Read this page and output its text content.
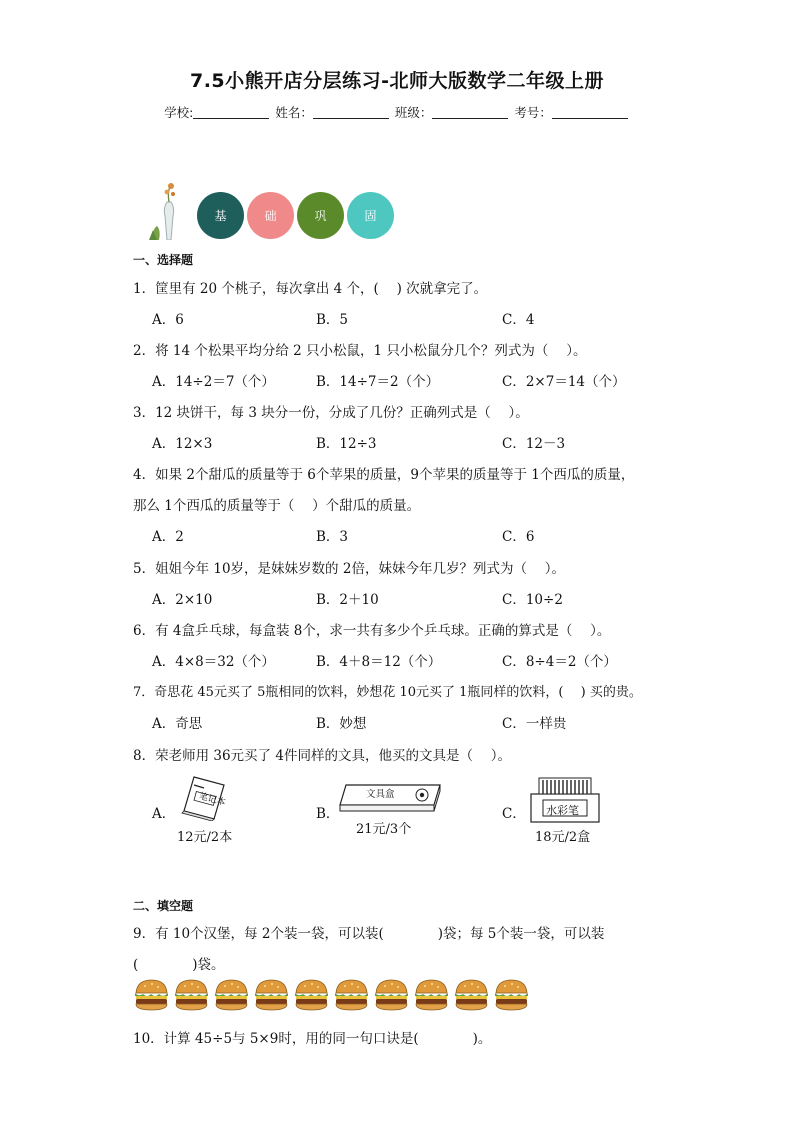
7.5小熊开店分层练习-北师大版数学二年级上册
学校:	姓名：	班级：	考号：
基	础	巩	固
一、选择题
1．筐里有 20 个桃子，每次拿出 4 个，(　 ) 次就拿完了。
A．6	B．5	C．4
2．将 14 个松果平均分给 2 只小松鼠，1 只小松鼠分几个？列式为（　 ）。
A．14÷2＝7（个）	B．14÷7＝2（个）	C．2×7＝14（个）
3．12 块饼干，每 3 块分一份，分成了几份？正确列式是（　 ）。
A．12×3	B．12÷3	C．12－3
4．如果 2个甜瓜的质量等于 6个苹果的质量，9个苹果的质量等于 1个西瓜的质量，
那么 1个西瓜的质量等于（　 ）个甜瓜的质量。
A．2	B．3	C．6
5．姐姐今年 10岁，是妹妹岁数的 2倍，妹妹今年几岁？列式为（　 ）。
A．2×10	B．2＋10	C．10÷2
6．有 4盒乒乓球，每盒装 8个，求一共有多少个乒乓球。正确的算式是（　 ）。
A．4×8＝32（个）	B．4＋8＝12（个）	C．8÷4＝2（个）
7．奇思花 45元买了 5瓶相同的饮料，妙想花 10元买了 1瓶同样的饮料，(　 ) 买的贵。
A．奇思	B．妙想	C．一样贵
8．荣老师用 36元买了 4件同样的文具，他买的文具是（　 ）。
A．
笔记本
12元/2本
B．
文具盒
21元/3个
C． 水彩笔
18元/2盒
二、填空题
9．有 10个汉堡，每 2个装一袋，可以装(　　　　)袋；每 5个装一袋，可以装
(　　　　)袋。
10．计算 45÷5与 5×9时，用的同一句口诀是(　　　　)。
